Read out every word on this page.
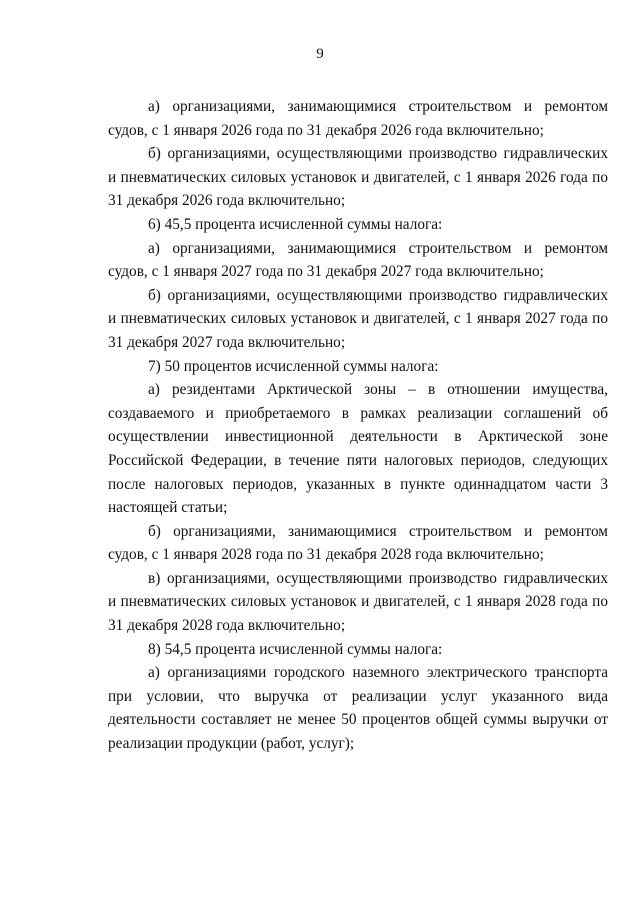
9

а) организациями, занимающимися строительством и ремонтом судов, с 1 января 2026 года по 31 декабря 2026 года включительно;

б) организациями, осуществляющими производство гидравлических и пневматических силовых установок и двигателей, с 1 января 2026 года по 31 декабря 2026 года включительно;

6) 45,5 процента исчисленной суммы налога:

а) организациями, занимающимися строительством и ремонтом судов, с 1 января 2027 года по 31 декабря 2027 года включительно;

б) организациями, осуществляющими производство гидравлических и пневматических силовых установок и двигателей, с 1 января 2027 года по 31 декабря 2027 года включительно;

7) 50 процентов исчисленной суммы налога:

а) резидентами Арктической зоны – в отношении имущества, создаваемого и приобретаемого в рамках реализации соглашений об осуществлении инвестиционной деятельности в Арктической зоне Российской Федерации, в течение пяти налоговых периодов, следующих после налоговых периодов, указанных в пункте одиннадцатом части 3 настоящей статьи;

б) организациями, занимающимися строительством и ремонтом судов, с 1 января 2028 года по 31 декабря 2028 года включительно;

в) организациями, осуществляющими производство гидравлических и пневматических силовых установок и двигателей, с 1 января 2028 года по 31 декабря 2028 года включительно;

8) 54,5 процента исчисленной суммы налога:

а) организациями городского наземного электрического транспорта при условии, что выручка от реализации услуг указанного вида деятельности составляет не менее 50 процентов общей суммы выручки от реализации продукции (работ, услуг);
